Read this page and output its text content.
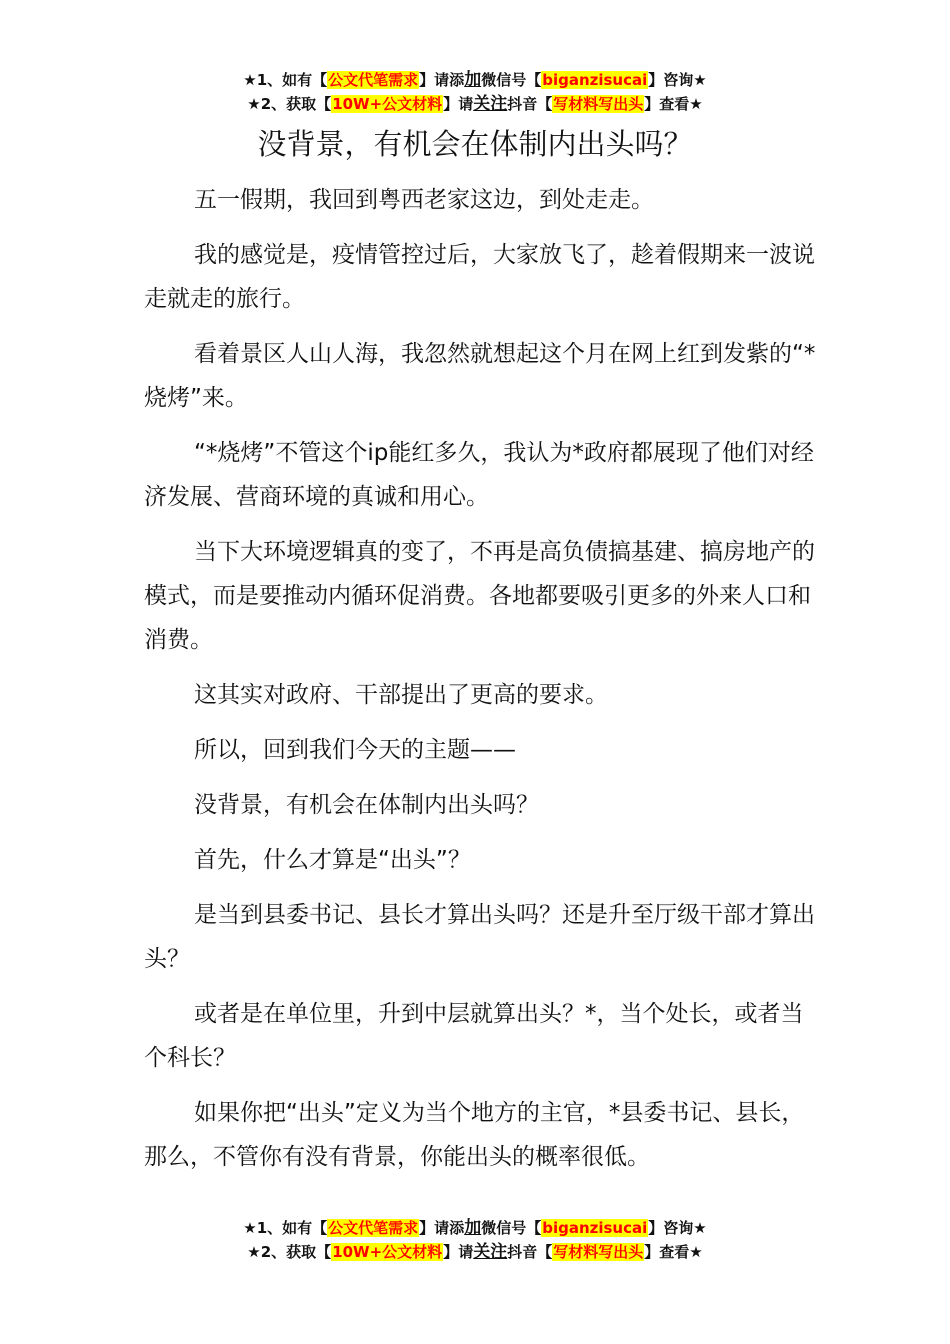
★1、如有【公文代笔需求】请添加微信号【biganzisucai】咨询★
★2、获取【10W+公文材料】请关注抖音【写材料写出头】查看★
没背景，有机会在体制内出头吗？

五一假期，我回到粤西老家这边，到处走走。

我的感觉是，疫情管控过后，大家放飞了，趁着假期来一波说走就走的旅行。

看着景区人山人海，我忽然就想起这个月在网上红到发紫的“*烧烤”来。

“*烧烤”不管这个ip能红多久，我认为*政府都展现了他们对经济发展、营商环境的真诚和用心。

当下大环境逻辑真的变了，不再是高负债搞基建、搞房地产的模式，而是要推动内循环促消费。各地都要吸引更多的外来人口和消费。

这其实对政府、干部提出了更高的要求。

所以，回到我们今天的主题——

没背景，有机会在体制内出头吗？

首先，什么才算是“出头”？

是当到县委书记、县长才算出头吗？还是升至厅级干部才算出头？

或者是在单位里，升到中层就算出头？*，当个处长，或者当个科长？

如果你把“出头”定义为当个地方的主官，*县委书记、县长，那么，不管你有没有背景，你能出头的概率很低。

★1、如有【公文代笔需求】请添加微信号【biganzisucai】咨询★
★2、获取【10W+公文材料】请关注抖音【写材料写出头】查看★
